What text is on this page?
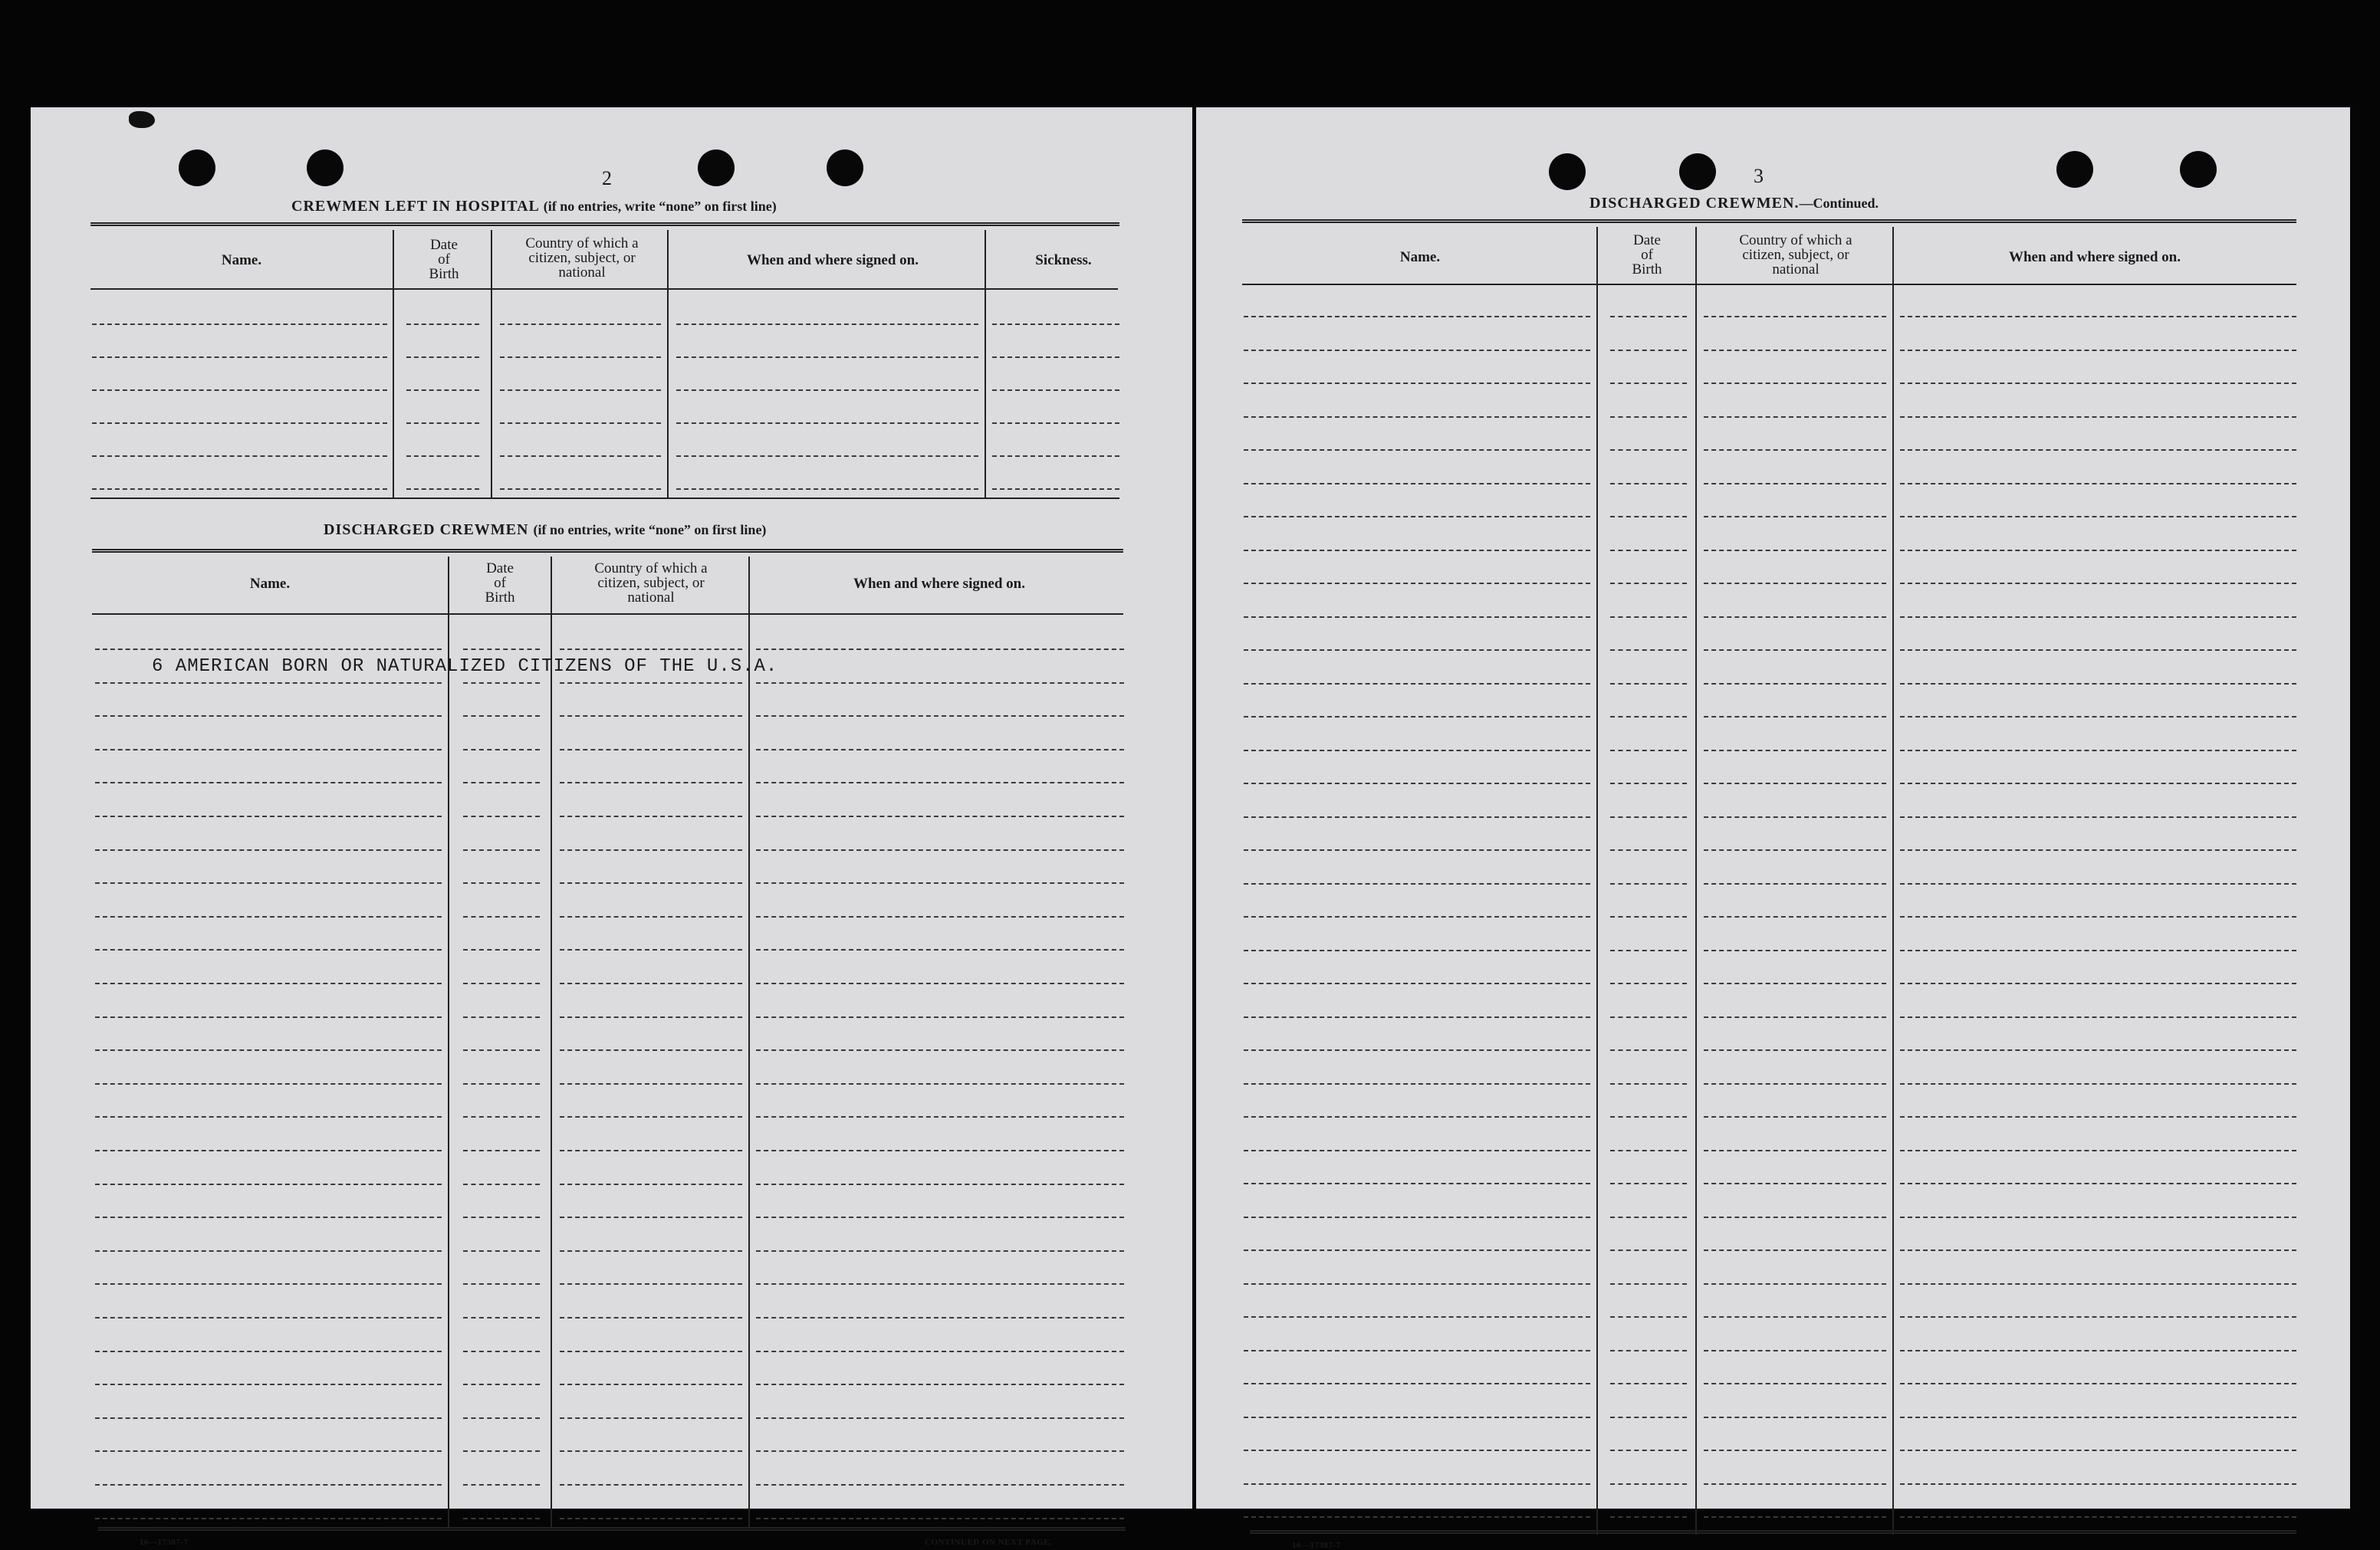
2
CREWMEN LEFT IN HOSPITAL (if no entries, write “none” on first line)
Name.
Date
of
Birth
Country of which a
citizen, subject, or
national
When and where signed on.	Sickness.
DISCHARGED CREWMEN (if no entries, write “none” on first line)
Name.
Date
of
Birth
Country of which a
citizen, subject, or
national
When and where signed on.
6 AMERICAN BORN OR NATURALIZED CITIZENS OF THE U.S.A.
16—17387-7	CONTINUED ON NEXT PAGE.
3
DISCHARGED CREWMEN.—Continued.
Name.
Date
of
Birth
Country of which a
citizen, subject, or
national
When and where signed on.
16—17387-7
